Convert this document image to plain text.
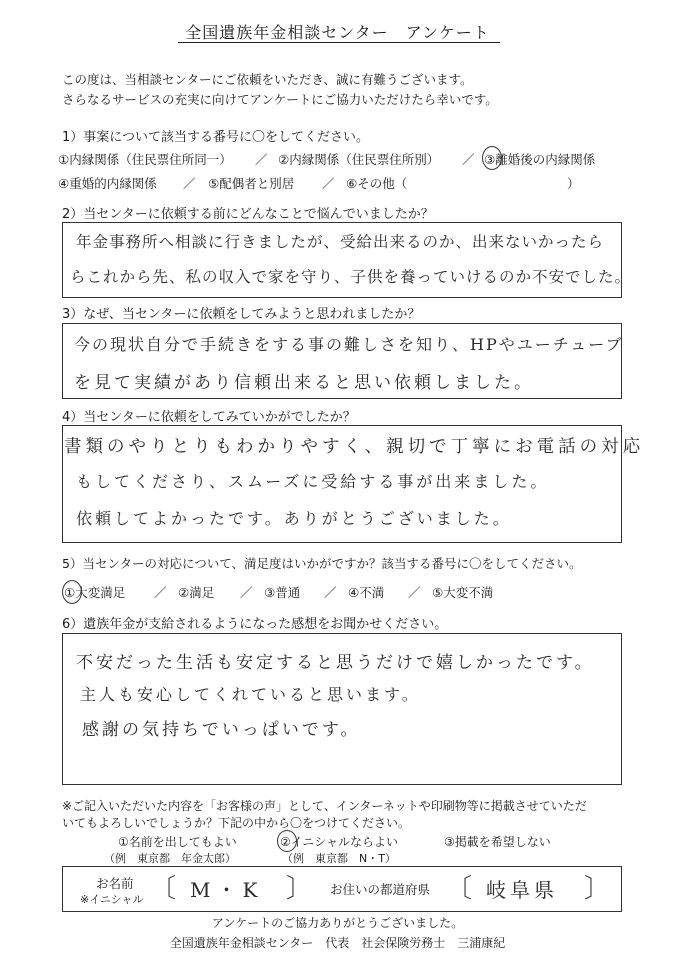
全国遺族年金相談センター　アンケート
この度は、当相談センターにご依頼をいただき、誠に有難うございます。
さらなるサービスの充実に向けてアンケートにご協力いただけたら幸いです。
1）事案について該当する番号に〇をしてください。
①内縁関係（住民票住所同一） ／ ②内縁関係（住民票住所別） ／ ③離婚後の内縁関係
④重婚的内縁関係 ／ ⑤配偶者と別居 ／ ⑥その他（	）
2）当センターに依頼する前にどんなことで悩んでいましたか？
年金事務所へ相談に行きましたが、受給出来るのか、出来ないかったら
らこれから先、私の収入で家を守り、子供を養っていけるのか不安でした。
3）なぜ、当センターに依頼をしてみようと思われましたか？
今の現状自分で手続きをする事の難しさを知り、HPやユーチューブ
を見て実績があり信頼出来ると思い依頼しました。
4）当センターに依頼をしてみていかがでしたか？
書類のやりとりもわかりやすく、親切で丁寧にお電話の対応
もしてくださり、スムーズに受給する事が出来ました。
依頼してよかったです。ありがとうございました。
5）当センターの対応について、満足度はいかがですか？該当する番号に〇をしてください。
①大変満足 ／ ②満足 ／ ③普通 ／ ④不満 ／ ⑤大変不満
6）遺族年金が支給されるようになった感想をお聞かせください。
不安だった生活も安定すると思うだけで嬉しかったです。
主人も安心してくれていると思います。
感謝の気持ちでいっぱいです。
※ご記入いただいた内容を「お客様の声」として、インターネットや印刷物等に掲載させていただ
いてもよろしいでしょうか？下記の中から〇をつけてください。
①名前を出してもよい
（例　東京都　年金太郎）
②イニシャルならよい
（例　東京都　N・T）
③掲載を希望しない
お名前
※イニシャル 〔 M・K 〕 お住いの都道府県 〔 岐阜県 〕
アンケートのご協力ありがとうございました。
全国遺族年金相談センター　代表　社会保険労務士　三浦康紀
